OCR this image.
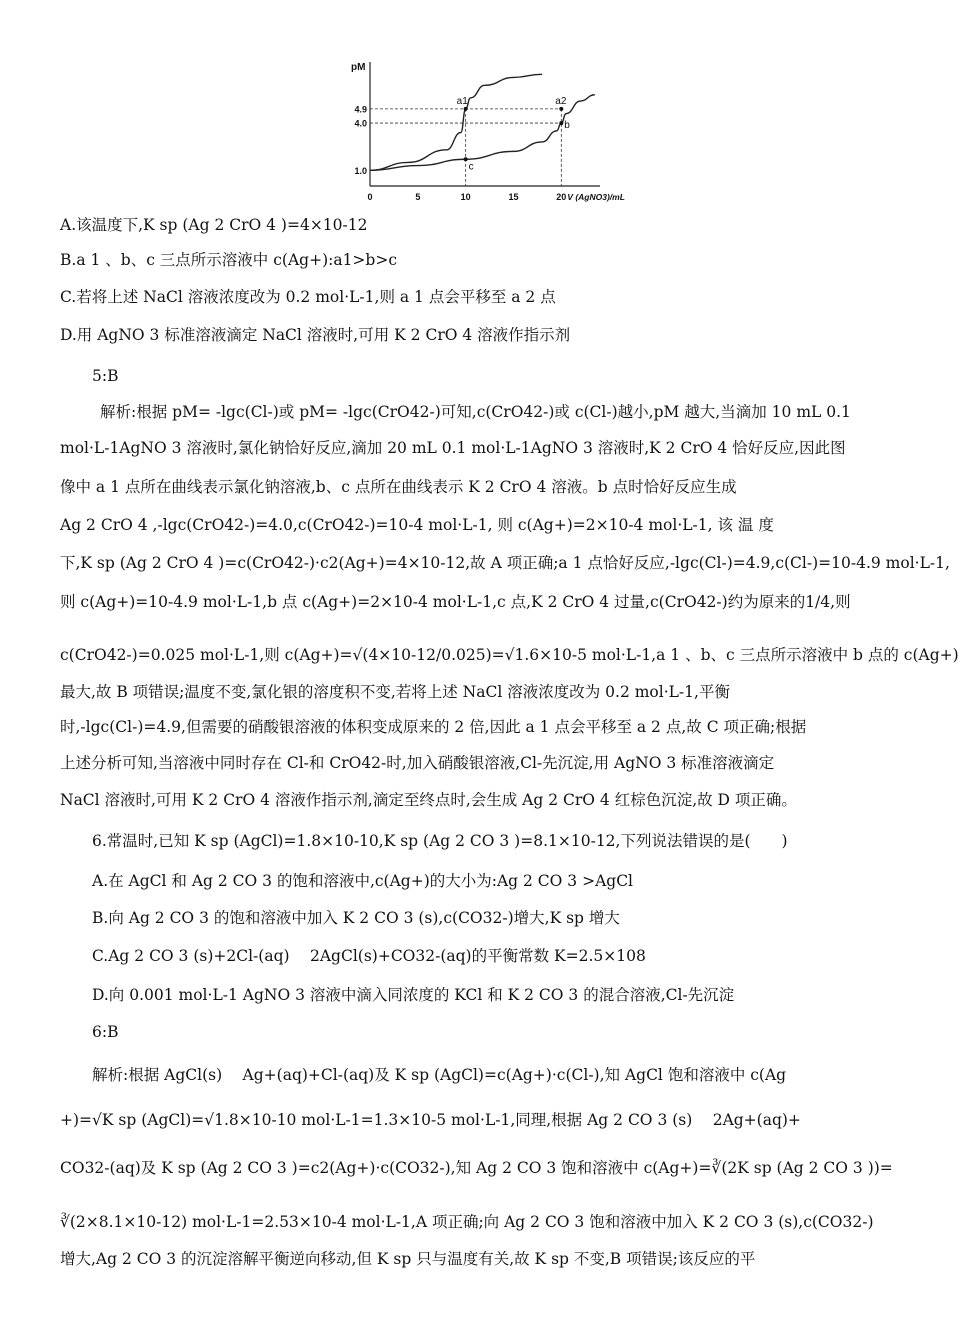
a1	a2
b
c
pM
1.0
4.0
4.9
0	5	10	15	20 V (AgNO3)/mL
A.该温度下,K sp (Ag 2 CrO 4 )=4×10-12
B.a 1 、b、c 三点所示溶液中 c(Ag+):a1>b>c
C.若将上述 NaCl 溶液浓度改为 0.2 mol·L-1,则 a 1 点会平移至 a 2 点
D.用 AgNO 3 标准溶液滴定 NaCl 溶液时,可用 K 2 CrO 4 溶液作指示剂
5:B
解析:根据 pM= -lgc(Cl-)或 pM= -lgc(CrO42-)可知,c(CrO42-)或 c(Cl-)越小,pM 越大,当滴加 10 mL 0.1
mol·L-1AgNO 3 溶液时,氯化钠恰好反应,滴加 20 mL 0.1 mol·L-1AgNO 3 溶液时,K 2 CrO 4 恰好反应,因此图
像中 a 1 点所在曲线表示氯化钠溶液,b、c 点所在曲线表示 K 2 CrO 4 溶液。b 点时恰好反应生成
Ag 2 CrO 4 ,-lgc(CrO42-)=4.0,c(CrO42-)=10-4 mol·L-1, 则 c(Ag+)=2×10-4 mol·L-1, 该 温 度
下,K sp (Ag 2 CrO 4 )=c(CrO42-)·c2(Ag+)=4×10-12,故 A 项正确;a 1 点恰好反应,-lgc(Cl-)=4.9,c(Cl-)=10-4.9 mol·L-1,
则 c(Ag+)=10-4.9 mol·L-1,b 点 c(Ag+)=2×10-4 mol·L-1,c 点,K 2 CrO 4 过量,c(CrO42-)约为原来的1/4,则
c(CrO42-)=0.025 mol·L-1,则 c(Ag+)=√(4×10-12/0.025)=√1.6×10-5 mol·L-1,a 1 、b、c 三点所示溶液中 b 点的 c(Ag+)
最大,故 B 项错误;温度不变,氯化银的溶度积不变,若将上述 NaCl 溶液浓度改为 0.2 mol·L-1,平衡
时,-lgc(Cl-)=4.9,但需要的硝酸银溶液的体积变成原来的 2 倍,因此 a 1 点会平移至 a 2 点,故 C 项正确;根据
上述分析可知,当溶液中同时存在 Cl-和 CrO42-时,加入硝酸银溶液,Cl-先沉淀,用 AgNO 3 标准溶液滴定
NaCl 溶液时,可用 K 2 CrO 4 溶液作指示剂,滴定至终点时,会生成 Ag 2 CrO 4 红棕色沉淀,故 D 项正确。
6.常温时,已知 K sp (AgCl)=1.8×10-10,K sp (Ag 2 CO 3 )=8.1×10-12,下列说法错误的是(　　)
A.在 AgCl 和 Ag 2 CO 3 的饱和溶液中,c(Ag+)的大小为:Ag 2 CO 3 >AgCl
B.向 Ag 2 CO 3 的饱和溶液中加入 K 2 CO 3 (s),c(CO32-)增大,K sp 增大
C.Ag 2 CO 3 (s)+2Cl-(aq)　 2AgCl(s)+CO32-(aq)的平衡常数 K=2.5×108
D.向 0.001 mol·L-1 AgNO 3 溶液中滴入同浓度的 KCl 和 K 2 CO 3 的混合溶液,Cl-先沉淀
6:B
解析:根据 AgCl(s)　 Ag+(aq)+Cl-(aq)及 K sp (AgCl)=c(Ag+)·c(Cl-),知 AgCl 饱和溶液中 c(Ag
+)=√K sp (AgCl)=√1.8×10-10 mol·L-1=1.3×10-5 mol·L-1,同理,根据 Ag 2 CO 3 (s)　 2Ag+(aq)+
CO32-(aq)及 K sp (Ag 2 CO 3 )=c2(Ag+)·c(CO32-),知 Ag 2 CO 3 饱和溶液中 c(Ag+)=∛(2K sp (Ag 2 CO 3 ))=
∛(2×8.1×10-12) mol·L-1=2.53×10-4 mol·L-1,A 项正确;向 Ag 2 CO 3 饱和溶液中加入 K 2 CO 3 (s),c(CO32-)
增大,Ag 2 CO 3 的沉淀溶解平衡逆向移动,但 K sp 只与温度有关,故 K sp 不变,B 项错误;该反应的平
